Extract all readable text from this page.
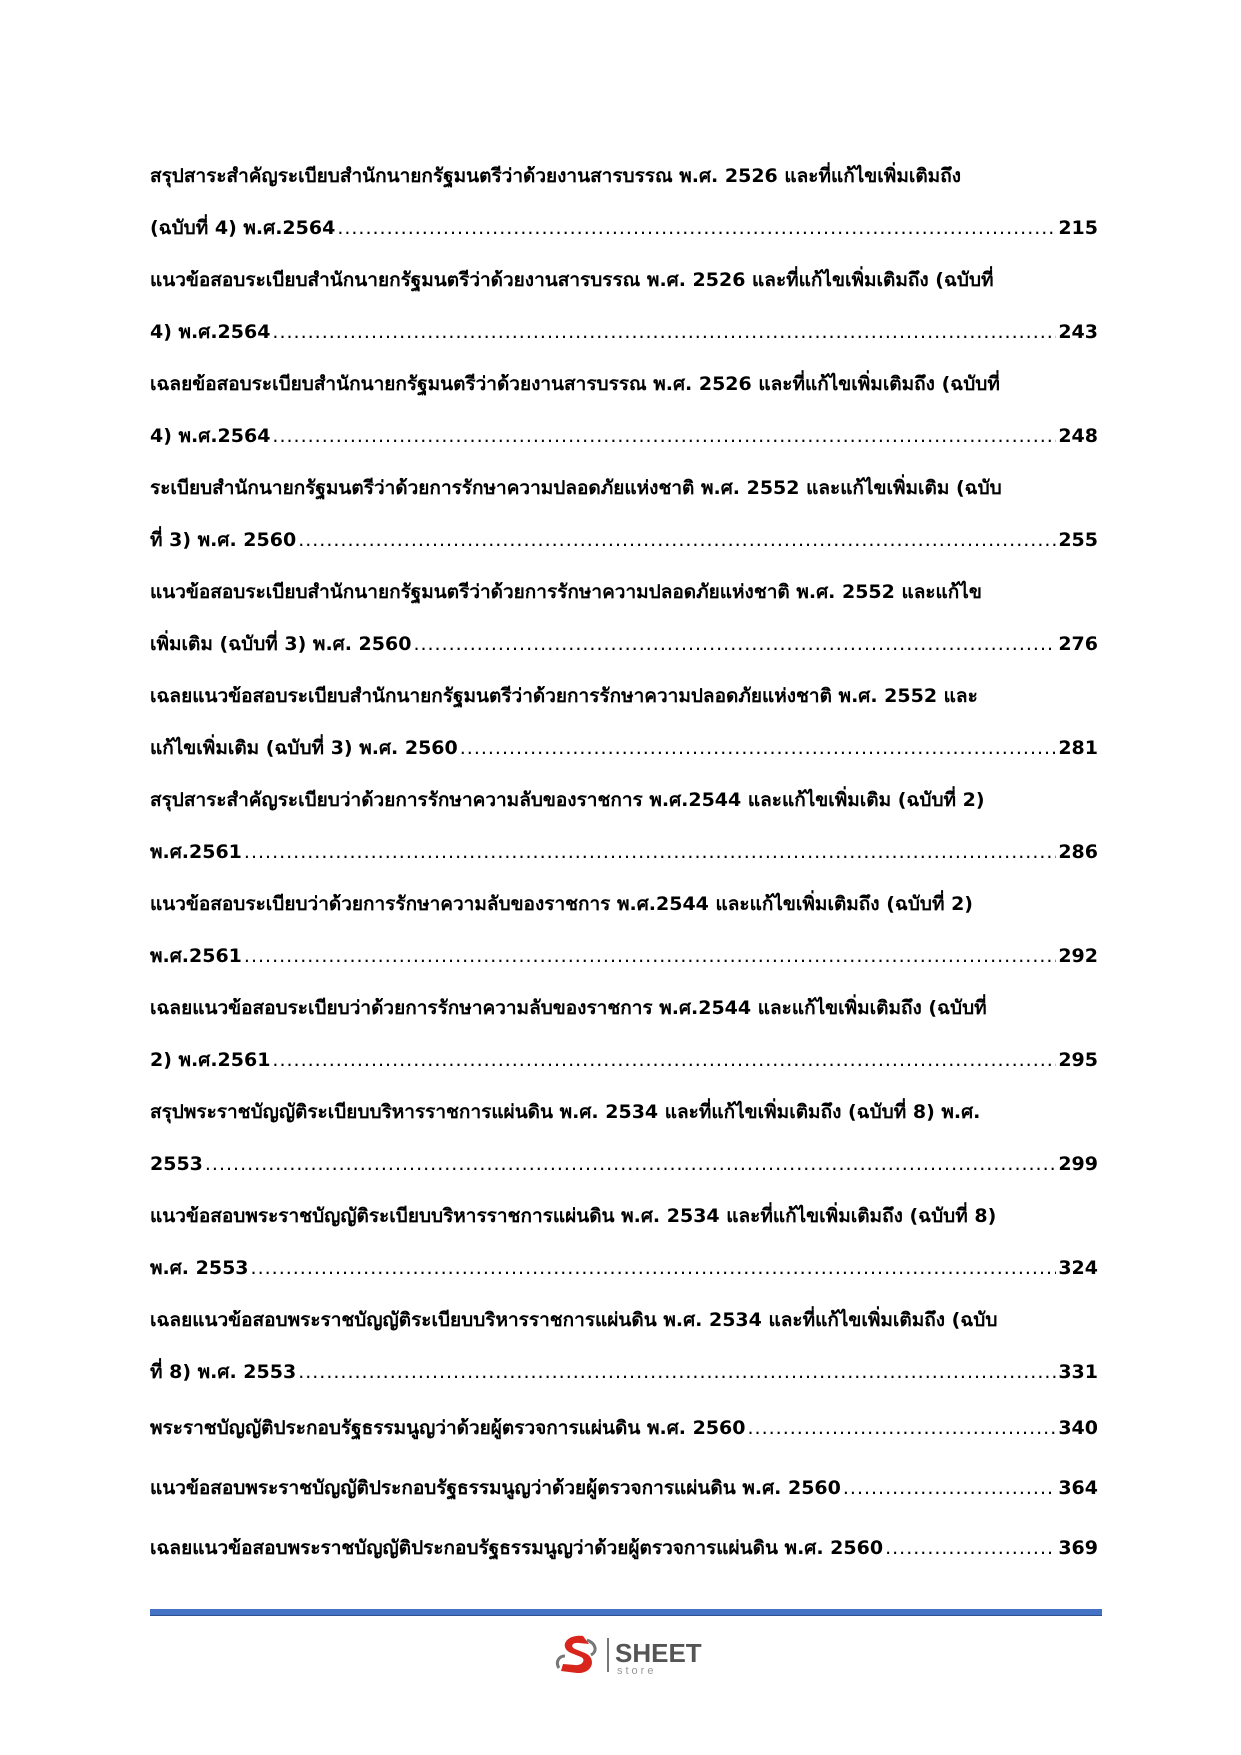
สรุปสาระสำคัญระเบียบสำนักนายกรัฐมนตรีว่าด้วยงานสารบรรณ พ.ศ. 2526 และที่แก้ไขเพิ่มเติมถึง
(ฉบับที่ 4) พ.ศ.2564 .....	215
แนวข้อสอบระเบียบสำนักนายกรัฐมนตรีว่าด้วยงานสารบรรณ พ.ศ. 2526 และที่แก้ไขเพิ่มเติมถึง (ฉบับที่
4) พ.ศ.2564 .....	243
เฉลยข้อสอบระเบียบสำนักนายกรัฐมนตรีว่าด้วยงานสารบรรณ พ.ศ. 2526 และที่แก้ไขเพิ่มเติมถึง (ฉบับที่
4) พ.ศ.2564 .....	248
ระเบียบสำนักนายกรัฐมนตรีว่าด้วยการรักษาความปลอดภัยแห่งชาติ พ.ศ. 2552 และแก้ไขเพิ่มเติม (ฉบับ
ที่ 3) พ.ศ. 2560 .....	255
แนวข้อสอบระเบียบสำนักนายกรัฐมนตรีว่าด้วยการรักษาความปลอดภัยแห่งชาติ พ.ศ. 2552 และแก้ไข
เพิ่มเติม (ฉบับที่ 3) พ.ศ. 2560 .....	276
เฉลยแนวข้อสอบระเบียบสำนักนายกรัฐมนตรีว่าด้วยการรักษาความปลอดภัยแห่งชาติ พ.ศ. 2552 และ
แก้ไขเพิ่มเติม (ฉบับที่ 3) พ.ศ. 2560 .....	281
สรุปสาระสำคัญระเบียบว่าด้วยการรักษาความลับของราชการ พ.ศ.2544 และแก้ไขเพิ่มเติม (ฉบับที่ 2)
พ.ศ.2561 .....	286
แนวข้อสอบระเบียบว่าด้วยการรักษาความลับของราชการ พ.ศ.2544 และแก้ไขเพิ่มเติมถึง (ฉบับที่ 2)
พ.ศ.2561 .....	292
เฉลยแนวข้อสอบระเบียบว่าด้วยการรักษาความลับของราชการ พ.ศ.2544 และแก้ไขเพิ่มเติมถึง (ฉบับที่
2) พ.ศ.2561 .....	295
สรุปพระราชบัญญัติระเบียบบริหารราชการแผ่นดิน พ.ศ. 2534 และที่แก้ไขเพิ่มเติมถึง (ฉบับที่ 8) พ.ศ.
2553 .....	299
แนวข้อสอบพระราชบัญญัติระเบียบบริหารราชการแผ่นดิน พ.ศ. 2534 และที่แก้ไขเพิ่มเติมถึง (ฉบับที่ 8)
พ.ศ. 2553 .....	324
เฉลยแนวข้อสอบพระราชบัญญัติระเบียบบริหารราชการแผ่นดิน พ.ศ. 2534 และที่แก้ไขเพิ่มเติมถึง (ฉบับ
ที่ 8) พ.ศ. 2553 .....	331
พระราชบัญญัติประกอบรัฐธรรมนูญว่าด้วยผู้ตรวจการแผ่นดิน พ.ศ. 2560 .....	340
แนวข้อสอบพระราชบัญญัติประกอบรัฐธรรมนูญว่าด้วยผู้ตรวจการแผ่นดิน พ.ศ. 2560 .....	364
เฉลยแนวข้อสอบพระราชบัญญัติประกอบรัฐธรรมนูญว่าด้วยผู้ตรวจการแผ่นดิน พ.ศ. 2560 .....	369
SHEET
store
